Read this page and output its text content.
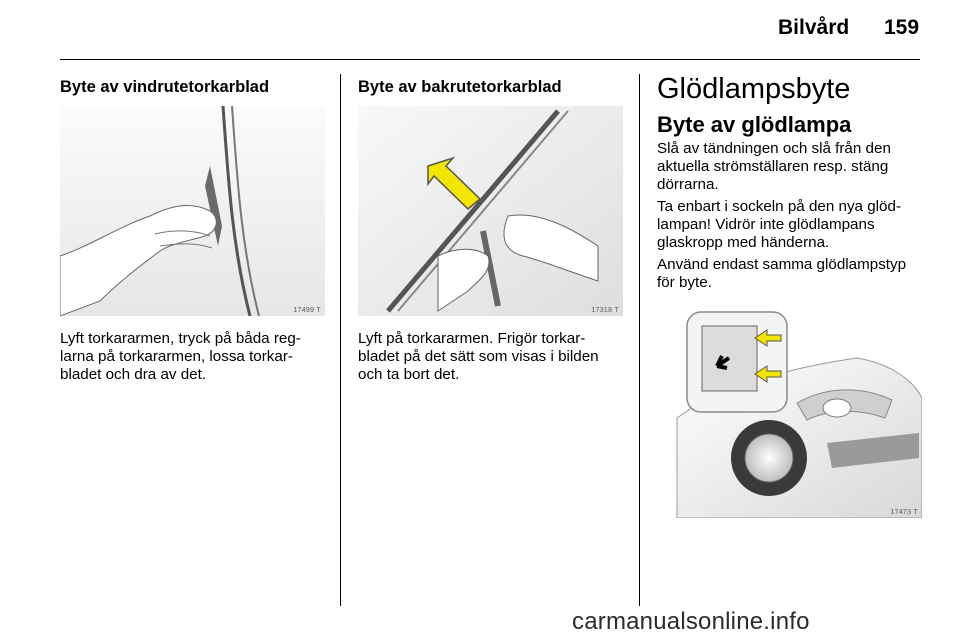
Bilvård 159
Byte av vindrutetorkarblad
17499 T

Lyft torkararmen, tryck på båda reg-

larna på torkararmen, lossa torkar-

bladet och dra av det.

Byte av bakrutetorkarblad
17318 T

Lyft på torkararmen. Frigör torkar-

bladet på det sätt som visas i bilden

och ta bort det.

Glödlampsbyte
Byte av glödlampa

Slå av tändningen och slå från den

aktuella strömställaren resp. stäng

dörrarna.

Ta enbart i sockeln på den nya glöd-

lampan! Vidrör inte glödlampans

glaskropp med händerna.

Använd endast samma glödlampstyp

för byte.

17473 T
carmanualsonline.info
